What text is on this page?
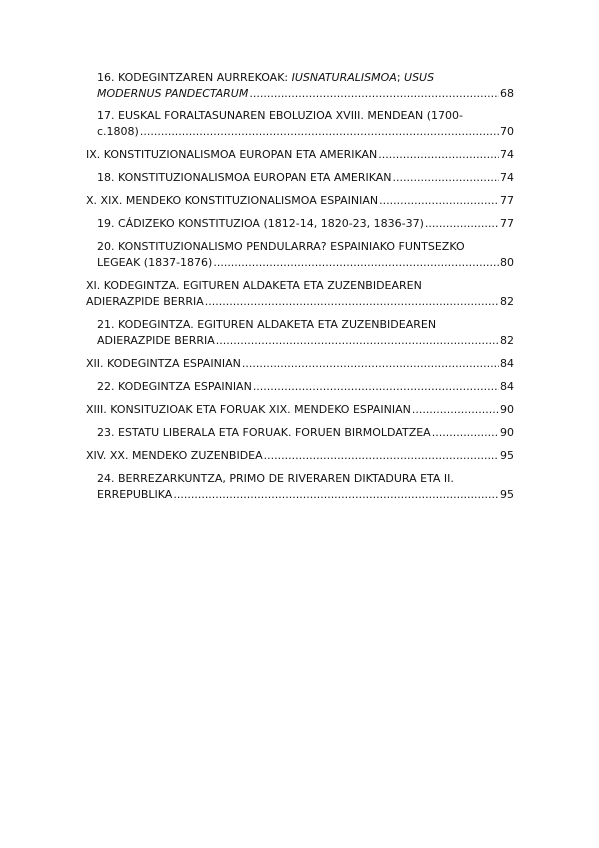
16. KODEGINTZAREN AURREKOAK: IUSNATURALISMOA; USUS
MODERNUS PANDECTARUM .....	68
17. EUSKAL FORALTASUNAREN EBOLUZIOA XVIII. MENDEAN (1700-
c.1808) .....	70
IX. KONSTITUZIONALISMOA EUROPAN ETA AMERIKAN .....	74
18. KONSTITUZIONALISMOA EUROPAN ETA AMERIKAN .....	74
X. XIX. MENDEKO KONSTITUZIONALISMOA ESPAINIAN .....	77
19. CÁDIZEKO KONSTITUZIOA (1812-14, 1820-23, 1836-37) .....	77
20. KONSTITUZIONALISMO PENDULARRA? ESPAINIAKO FUNTSEZKO
LEGEAK (1837-1876) .....	80
XI. KODEGINTZA. EGITUREN ALDAKETA ETA ZUZENBIDEAREN
ADIERAZPIDE BERRIA .....	82
21. KODEGINTZA. EGITUREN ALDAKETA ETA ZUZENBIDEAREN
ADIERAZPIDE BERRIA .....	82
XII. KODEGINTZA ESPAINIAN .....	84
22. KODEGINTZA ESPAINIAN .....	84
XIII. KONSITUZIOAK ETA FORUAK XIX. MENDEKO ESPAINIAN .....	90
23. ESTATU LIBERALA ETA FORUAK. FORUEN BIRMOLDATZEA .....	90
XIV. XX. MENDEKO ZUZENBIDEA .....	95
24. BERREZARKUNTZA, PRIMO DE RIVERAREN DIKTADURA ETA II.
ERREPUBLIKA .....	95
